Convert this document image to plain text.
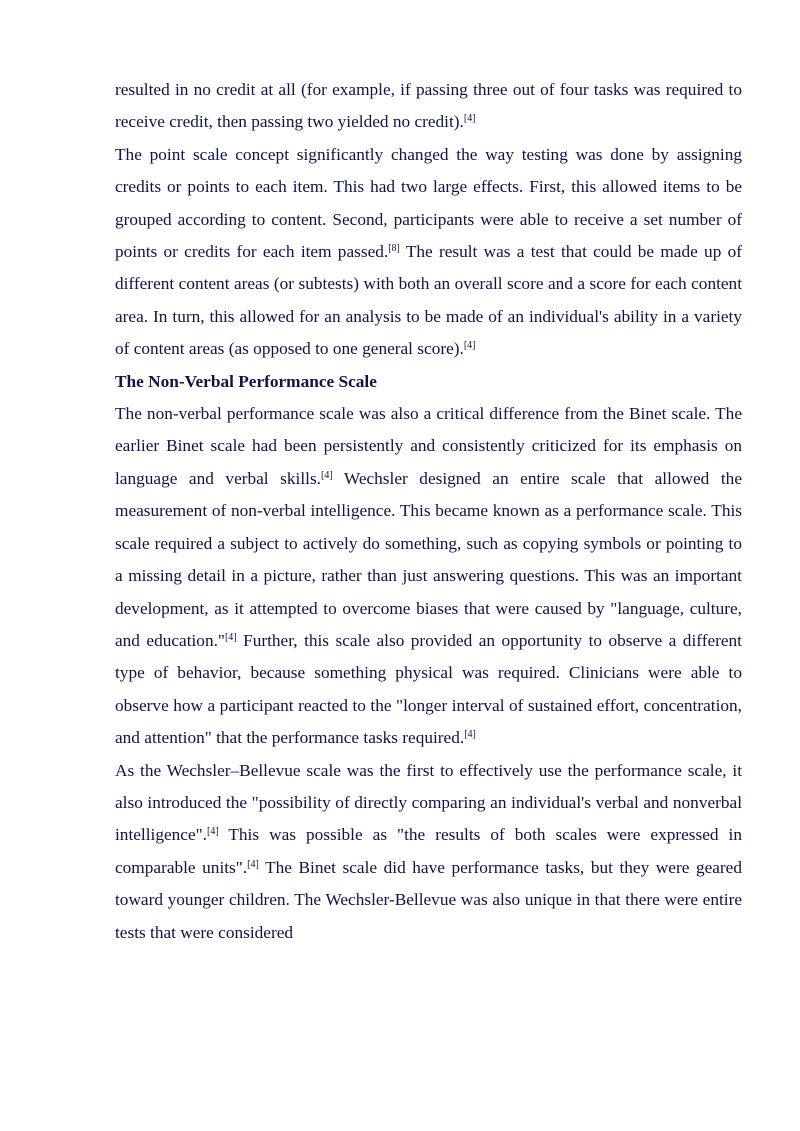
resulted in no credit at all (for example, if passing three out of four tasks was required to receive credit, then passing two yielded no credit).[4]

The point scale concept significantly changed the way testing was done by assigning credits or points to each item. This had two large effects. First, this allowed items to be grouped according to content. Second, participants were able to receive a set number of points or credits for each item passed.[8] The result was a test that could be made up of different content areas (or subtests) with both an overall score and a score for each content area. In turn, this allowed for an analysis to be made of an individual's ability in a variety of content areas (as opposed to one general score).[4]

The Non-Verbal Performance Scale

The non-verbal performance scale was also a critical difference from the Binet scale. The earlier Binet scale had been persistently and consistently criticized for its emphasis on language and verbal skills.[4] Wechsler designed an entire scale that allowed the measurement of non-verbal intelligence. This became known as a performance scale. This scale required a subject to actively do something, such as copying symbols or pointing to a missing detail in a picture, rather than just answering questions. This was an important development, as it attempted to overcome biases that were caused by "language, culture, and education."[4] Further, this scale also provided an opportunity to observe a different type of behavior, because something physical was required. Clinicians were able to observe how a participant reacted to the "longer interval of sustained effort, concentration, and attention" that the performance tasks required.[4]

As the Wechsler–Bellevue scale was the first to effectively use the performance scale, it also introduced the "possibility of directly comparing an individual's verbal and nonverbal intelligence".[4] This was possible as "the results of both scales were expressed in comparable units".[4] The Binet scale did have performance tasks, but they were geared toward younger children. The Wechsler-Bellevue was also unique in that there were entire tests that were considered
